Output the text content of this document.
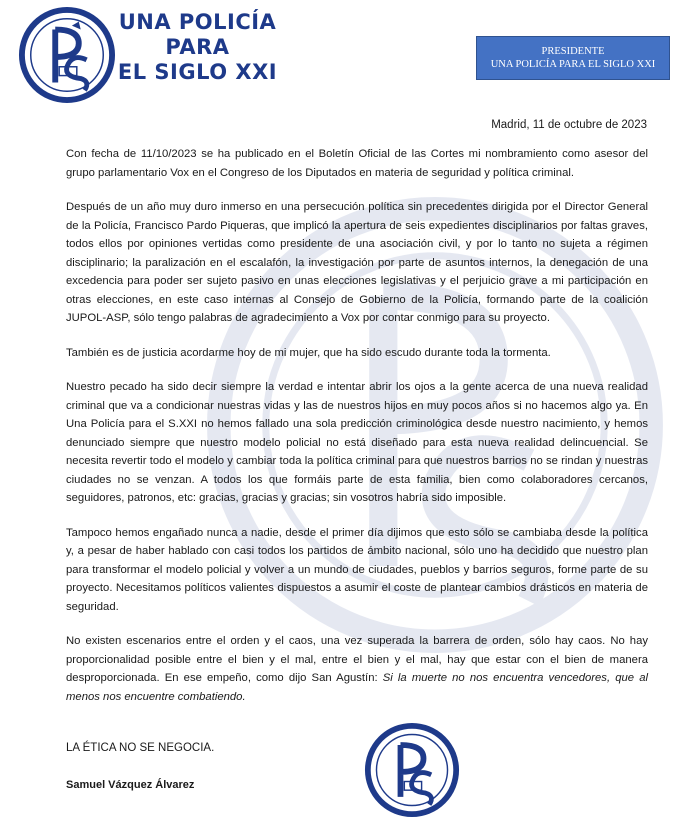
UNA POLICÍA
PARA
EL SIGLO XXI
PRESIDENTE
UNA POLICÍA PARA EL SIGLO XXI
Madrid, 11 de octubre de 2023

Con fecha de 11/10/2023 se ha publicado en el Boletín Oficial de las Cortes mi nombramiento como asesor del grupo parlamentario Vox en el Congreso de los Diputados en materia de seguridad y política criminal.

Después de un año muy duro inmerso en una persecución política sin precedentes dirigida por el Director General de la Policía, Francisco Pardo Piqueras, que implicó la apertura de seis expedientes disciplinarios por faltas graves, todos ellos por opiniones vertidas como presidente de una asociación civil, y por lo tanto no sujeta a régimen disciplinario; la paralización en el escalafón, la investigación por parte de asuntos internos, la denegación de una excedencia para poder ser sujeto pasivo en unas elecciones legislativas y el perjuicio grave a mi participación en otras elecciones, en este caso internas al Consejo de Gobierno de la Policía, formando parte de la coalición JUPOL-ASP, sólo tengo palabras de agradecimiento a Vox por contar conmigo para su proyecto.

También es de justicia acordarme hoy de mi mujer, que ha sido escudo durante toda la tormenta.

Nuestro pecado ha sido decir siempre la verdad e intentar abrir los ojos a la gente acerca de una nueva realidad criminal que va a condicionar nuestras vidas y las de nuestros hijos en muy pocos años si no hacemos algo ya. En Una Policía para el S.XXI no hemos fallado una sola predicción criminológica desde nuestro nacimiento, y hemos denunciado siempre que nuestro modelo policial no está diseñado para esta nueva realidad delincuencial. Se necesita revertir todo el modelo y cambiar toda la política criminal para que nuestros barrios no se rindan y nuestras ciudades no se venzan. A todos los que formáis parte de esta familia, bien como colaboradores cercanos, seguidores, patronos, etc: gracias, gracias y gracias; sin vosotros habría sido imposible.

Tampoco hemos engañado nunca a nadie, desde el primer día dijimos que esto sólo se cambiaba desde la política y, a pesar de haber hablado con casi todos los partidos de ámbito nacional, sólo uno ha decidido que nuestro plan para transformar el modelo policial y volver a un mundo de ciudades, pueblos y barrios seguros, forme parte de su proyecto. Necesitamos políticos valientes dispuestos a asumir el coste de plantear cambios drásticos en materia de seguridad.

No existen escenarios entre el orden y el caos, una vez superada la barrera de orden, sólo hay caos. No hay proporcionalidad posible entre el bien y el mal, entre el bien y el mal, hay que estar con el bien de manera desproporcionada. En ese empeño, como dijo San Agustín: Si la muerte no nos encuentra vencedores, que al menos nos encuentre combatiendo.

LA ÉTICA NO SE NEGOCIA.
Samuel Vázquez Álvarez
